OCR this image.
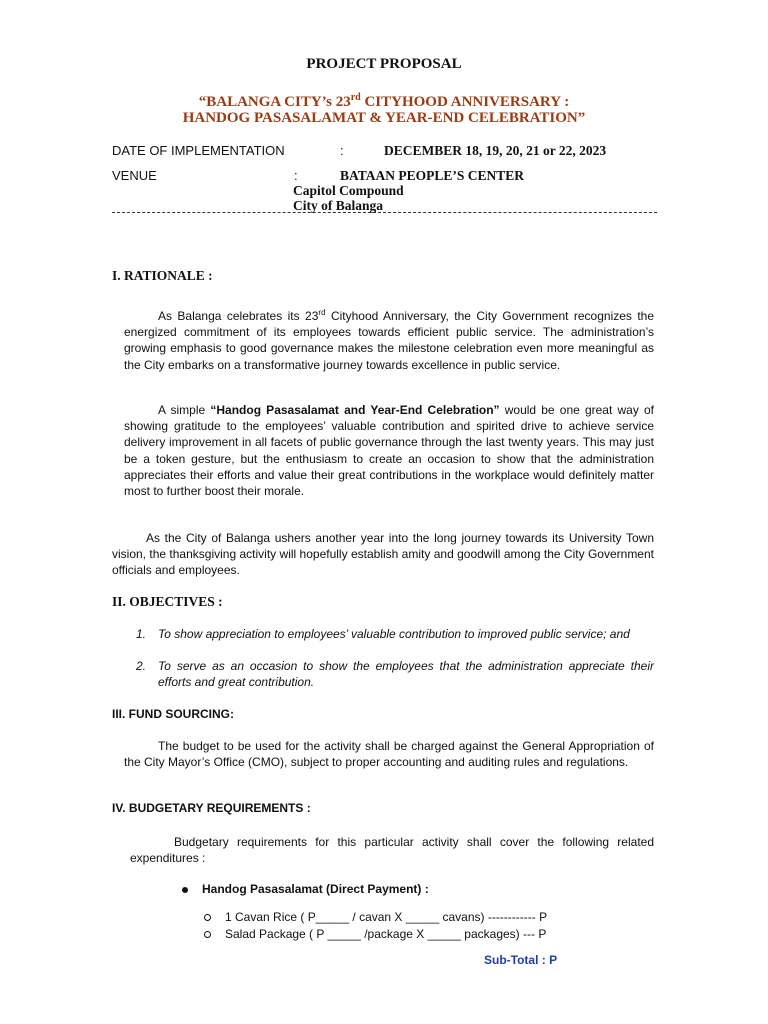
PROJECT PROPOSAL

“BALANGA CITY’s 23rd CITYHOOD ANNIVERSARY :

HANDOG PASASALAMAT & YEAR-END CELEBRATION”

DATE OF IMPLEMENTATION	:	DECEMBER 18, 19, 20, 21 or 22, 2023
VENUE	:	BATAAN PEOPLE’S CENTER
Capitol Compound
City of Balanga

I. RATIONALE :

As Balanga celebrates its 23rd Cityhood Anniversary, the City Government recognizes the energized commitment of its employees towards efficient public service. The administration’s growing emphasis to good governance makes the milestone celebration even more meaningful as the City embarks on a transformative journey towards excellence in public service.

A simple “Handog Pasasalamat and Year-End Celebration” would be one great way of showing gratitude to the employees’ valuable contribution and spirited drive to achieve service delivery improvement in all facets of public governance through the last twenty years. This may just be a token gesture, but the enthusiasm to create an occasion to show that the administration appreciates their efforts and value their great contributions in the workplace would definitely matter most to further boost their morale.

As the City of Balanga ushers another year into the long journey towards its University Town vision, the thanksgiving activity will hopefully establish amity and goodwill among the City Government officials and employees.

II. OBJECTIVES :

1. To show appreciation to employees’ valuable contribution to improved public service; and
2. To serve as an occasion to show the employees that the administration appreciate their efforts and great contribution.

III. FUND SOURCING:

The budget to be used for the activity shall be charged against the General Appropriation of the City Mayor’s Office (CMO), subject to proper accounting and auditing rules and regulations.

IV. BUDGETARY REQUIREMENTS :

Budgetary requirements for this particular activity shall cover the following related expenditures :

Handog Pasasalamat (Direct Payment) :

1 Cavan Rice ( P_____ / cavan X _____ cavans) ------------ P

Salad Package ( P _____ /package X _____ packages) --- P

Sub-Total : P
